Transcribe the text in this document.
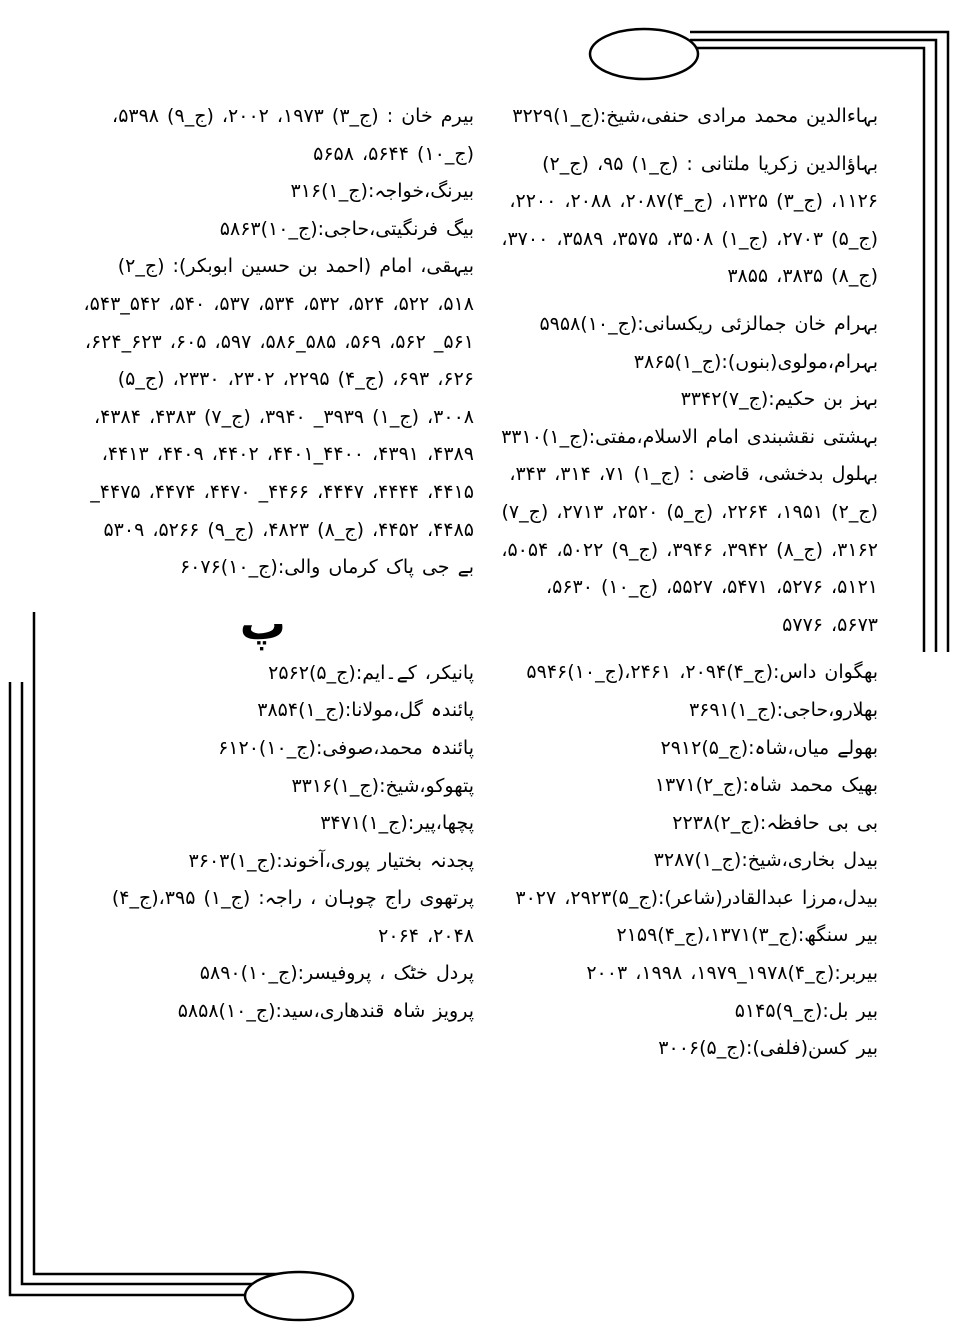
بہاءالدین محمد مرادی حنفی،شیخ:(ج_۱)۳۲۲۹
بہاؤالدین زکریا ملتانی : (ج_۱) ۹۵، (ج_۲) ۱۱۲۶، (ج_۳) ۱۳۲۵، (ج_۴)۲۰۸۷، ۲۰۸۸، ۲۲۰۰، (ج_۵) ۲۷۰۳، (ج_۱) ۳۵۰۸، ۳۵۷۵، ۳۵۸۹، ۳۷۰۰، (ج_۸) ۳۸۳۵، ۳۸۵۵
بہرام خان جمالزئی ریکسانی:(ج_۱۰)۵۹۵۸
بہرام،مولوی(بنوں):(ج_۱)۳۸۶۵
بہز بن حکیم:(ج_۷)۳۳۴۲
بہشتی نقشبندی امام الاسلام،مفتی:(ج_۱)۳۳۱۰
بہلول بدخشی، قاضی : (ج_۱) ۷۱، ۳۱۴، ۳۴۳، (ج_۲) ۱۹۵۱، ۲۲۶۴، (ج_۵) ۲۵۲۰، ۲۷۱۳، (ج_۷) ۳۱۶۲، (ج_۸) ۳۹۴۲، ۳۹۴۶، (ج_۹) ۵۰۲۲، ۵۰۵۴، ۵۱۲۱، ۵۲۷۶، ۵۴۷۱، ۵۵۲۷، (ج_۱۰) ۵۶۳۰، ۵۶۷۳، ۵۷۷۶
بھگوان داس:(ج_۴)۲۰۹۴، ۲۴۶۱،(ج_۱۰)۵۹۴۶
بھلارو،حاجی:(ج_۱)۳۶۹۱
بھولے میاں،شاہ:(ج_۵)۲۹۱۲
بھیک محمد شاہ:(ج_۲)۱۳۷۱
بی بی حافظہ:(ج_۲)۲۲۳۸
بیدل بخاری،شیخ:(ج_۱)۳۲۸۷
بیدل،مرزا عبدالقادر(شاعر):(ج_۵)۲۹۲۳، ۳۰۲۷
بیر سنگھ:(ج_۳)۱۳۷۱،(ج_۴)۲۱۵۹
بیربر:(ج_۴)۱۹۷۸_۱۹۷۹، ۱۹۹۸، ۲۰۰۳
بیر بل:(ج_۹)۵۱۴۵
بیر کسن(فلفی):(ج_۵)۳۰۰۶
بیرم خان : (ج_۳) ۱۹۷۳، ۲۰۰۲، (ج_۹) ۵۳۹۸، (ج_۱۰) ۵۶۴۴، ۵۶۵۸
بیرنگ،خواجہ:(ج_۱)۳۱۶
بیگ فرنگیتی،حاجی:(ج_۱۰)۵۸۶۳
بیہقی، امام (احمد بن حسین ابوبکر): (ج_۲) ۵۱۸، ۵۲۲، ۵۲۴، ۵۳۲، ۵۳۴، ۵۳۷، ۵۴۰، ۵۴۲_۵۴۳، ۵۶۱_ ۵۶۲، ۵۶۹، ۵۸۵_۵۸۶، ۵۹۷، ۶۰۵، ۶۲۳_۶۲۴، ۶۲۶، ۶۹۳، (ج_۴) ۲۲۹۵، ۲۳۰۲، ۲۳۳۰، (ج_۵) ۳۰۰۸، (ج_۱) ۳۹۳۹_ ۳۹۴۰، (ج_۷) ۴۳۸۳، ۴۳۸۴، ۴۳۸۹، ۴۳۹۱، ۴۴۰۰_۴۴۰۱، ۴۴۰۲، ۴۴۰۹، ۴۴۱۳، ۴۴۱۵، ۴۴۴۴، ۴۴۴۷، ۴۴۶۶_ ۴۴۷۰، ۴۴۷۴، ۴۴۷۵_ ۴۴۸۵، ۴۴۵۲، (ج_۸) ۴۸۲۳، (ج_۹) ۵۲۶۶، ۵۳۰۹
بے جی پاک کرماں والی:(ج_۱۰)۶۰۷۶
پ
پانیکر، کے۔ایم:(ج_۵)۲۵۶۲
پائندہ گل،مولانا:(ج_۱)۳۸۵۴
پائندہ محمد،صوفی:(ج_۱۰)۶۱۲۰
پتھوکو،شیخ:(ج_۱)۳۳۱۶
پچھا،پیر:(ج_۱)۳۴۷۱
پجدنہ بختیار پوری،آخوند:(ج_۱)۳۶۰۳
پرتھوی راج چوہان ، راجہ: (ج_۱) ۳۹۵،(ج_۴) ۲۰۴۸، ۲۰۶۴
پردل خٹک ، پروفیسر:(ج_۱۰)۵۸۹۰
پرویز شاہ قندھاری،سید:(ج_۱۰)۵۸۵۸
